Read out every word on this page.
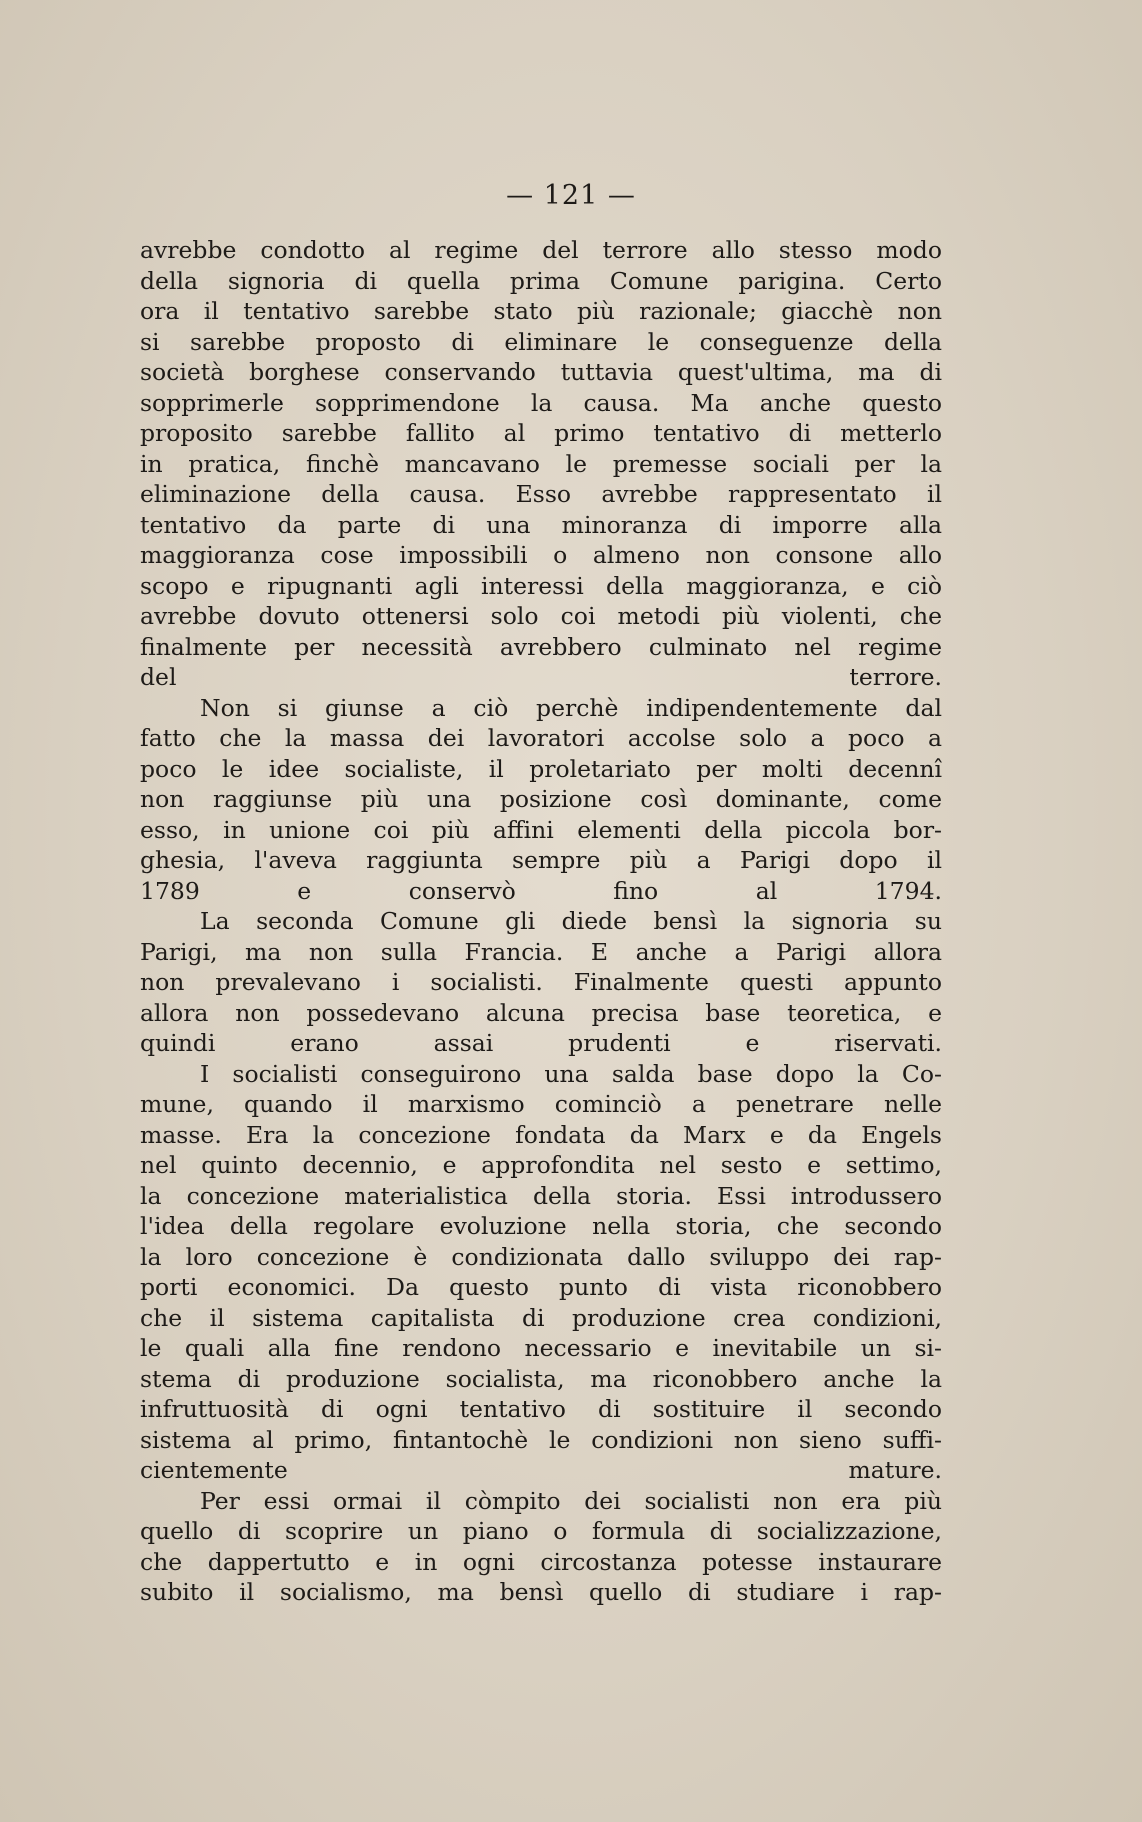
— 121 —

avrebbe condotto al regime del terrore allo stesso modo
della signoria di quella prima Comune parigina. Certo
ora il tentativo sarebbe stato più razionale; giacchè non
si sarebbe proposto di eliminare le conseguenze della
società borghese conservando tuttavia quest'ultima, ma di
sopprimerle sopprimendone la causa. Ma anche questo
proposito sarebbe fallito al primo tentativo di metterlo
in pratica, finchè mancavano le premesse sociali per la
eliminazione della causa. Esso avrebbe rappresentato il
tentativo da parte di una minoranza di imporre alla
maggioranza cose impossibili o almeno non consone allo
scopo e ripugnanti agli interessi della maggioranza, e ciò
avrebbe dovuto ottenersi solo coi metodi più violenti, che
finalmente per necessità avrebbero culminato nel regime
del terrore.

Non si giunse a ciò perchè indipendentemente dal
fatto che la massa dei lavoratori accolse solo a poco a
poco le idee socialiste, il proletariato per molti decennî
non raggiunse più una posizione così dominante, come
esso, in unione coi più affini elementi della piccola bor-
ghesia, l'aveva raggiunta sempre più a Parigi dopo il
1789 e conservò fino al 1794.

La seconda Comune gli diede bensì la signoria su
Parigi, ma non sulla Francia. E anche a Parigi allora
non prevalevano i socialisti. Finalmente questi appunto
allora non possedevano alcuna precisa base teoretica, e
quindi erano assai prudenti e riservati.

I socialisti conseguirono una salda base dopo la Co-
mune, quando il marxismo cominciò a penetrare nelle
masse. Era la concezione fondata da Marx e da Engels
nel quinto decennio, e approfondita nel sesto e settimo,
la concezione materialistica della storia. Essi introdussero
l'idea della regolare evoluzione nella storia, che secondo
la loro concezione è condizionata dallo sviluppo dei rap-
porti economici. Da questo punto di vista riconobbero
che il sistema capitalista di produzione crea condizioni,
le quali alla fine rendono necessario e inevitabile un si-
stema di produzione socialista, ma riconobbero anche la
infruttuosità di ogni tentativo di sostituire il secondo
sistema al primo, fintantochè le condizioni non sieno suffi-
cientemente mature.

Per essi ormai il còmpito dei socialisti non era più
quello di scoprire un piano o formula di socializzazione,
che dappertutto e in ogni circostanza potesse instaurare
subito il socialismo, ma bensì quello di studiare i rap-
